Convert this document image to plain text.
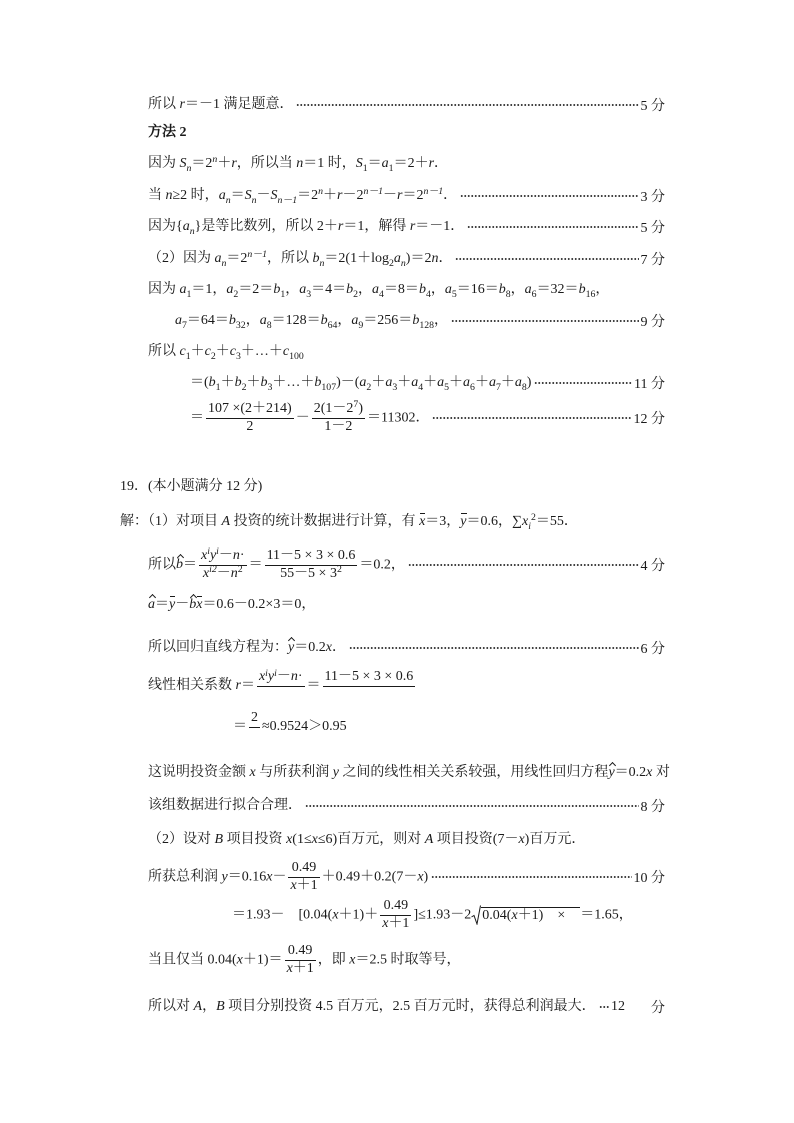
所以 r＝－1 满足题意．	5 分
方法 2
因为 $S_n=2^n+r$，所以当 n＝1 时，$S_1=a_1=2+r$．
当 n≥2 时，$a_n=S_n-S_{n-1}=2^n+r-2^{n-1}-r=2^{n-1}$．	3 分
因为$\{a_n\}$是等比数列，所以 2＋r＝1，解得 r＝－1．	5 分
（2）因为 $a_n=2^{n-1}$，所以 $b_n=2(1+\log_2a_n)=2n$．	7 分
因为 $a_1=1$，$a_2=2=b_1$，$a_3=4=b_2$，$a_4=8=b_4$，$a_5=16=b_8$，$a_6=32=b_{16}$，
$a_7=64=b_{32}$，$a_8=128=b_{64}$，$a_9=256=b_{128}$，	9 分
所以 $c_1+c_2+c_3+\dots+c_{100}$
$=(b_1+b_2+b_3+\dots+b_{107})-(a_2+a_3+a_4+a_5+a_6+a_7+a_8)$	11 分
＝ $\frac{107 \times(2+214)}{2} - \frac{2(1-2^7)}{1-2} =11302$．	12 分
19．(本小题满分 12 分)
解：（1）对项目 A 投资的统计数据进行计算，有 x＝3，y＝0.6，$\sum x_i^2=55$．
所以$b= \frac{x^iy^i-n\cdot}{x^{i2}-n^2} = \frac{11-5 \times 3 \times 0.6}{55-5 \times 3^2} =0.2$，	4 分
a＝y－bx＝0.6－0.2×3＝0，
所以回归直线方程为：y＝0.2x．	6 分
线性相关系数 r＝
$x^iy^i-n\cdot$
＝
11－5 × 3 × 0.6
＝
2
≈0.9524＞0.95
这说明投资金额 x 与所获利润 y 之间的线性相关关系较强，用线性回归方程y＝0.2x 对
该组数据进行拟合合理．	8 分
（2）设对 B 项目投资 x(1≤x≤6)百万元，则对 A 项目投资(7－x)百万元．
所获总利润 $y=0.16x- \frac{0.49}{x+1} +0.49+0.2(7-x)$	10 分
＝1.93－　$[0.04(x+1)+ \frac{0.49}{x+1} ]\le 1.93-2$ 0.04(x＋1)　×　 ＝1.65，
当且仅当 $0.04(x+1)= \frac{0.49}{x+1}$ ，即 x＝2.5 时取等号，
所以对 A，B 项目分别投资 4.5 百万元，2.5 百万元时，获得总利润最大． 12 分
